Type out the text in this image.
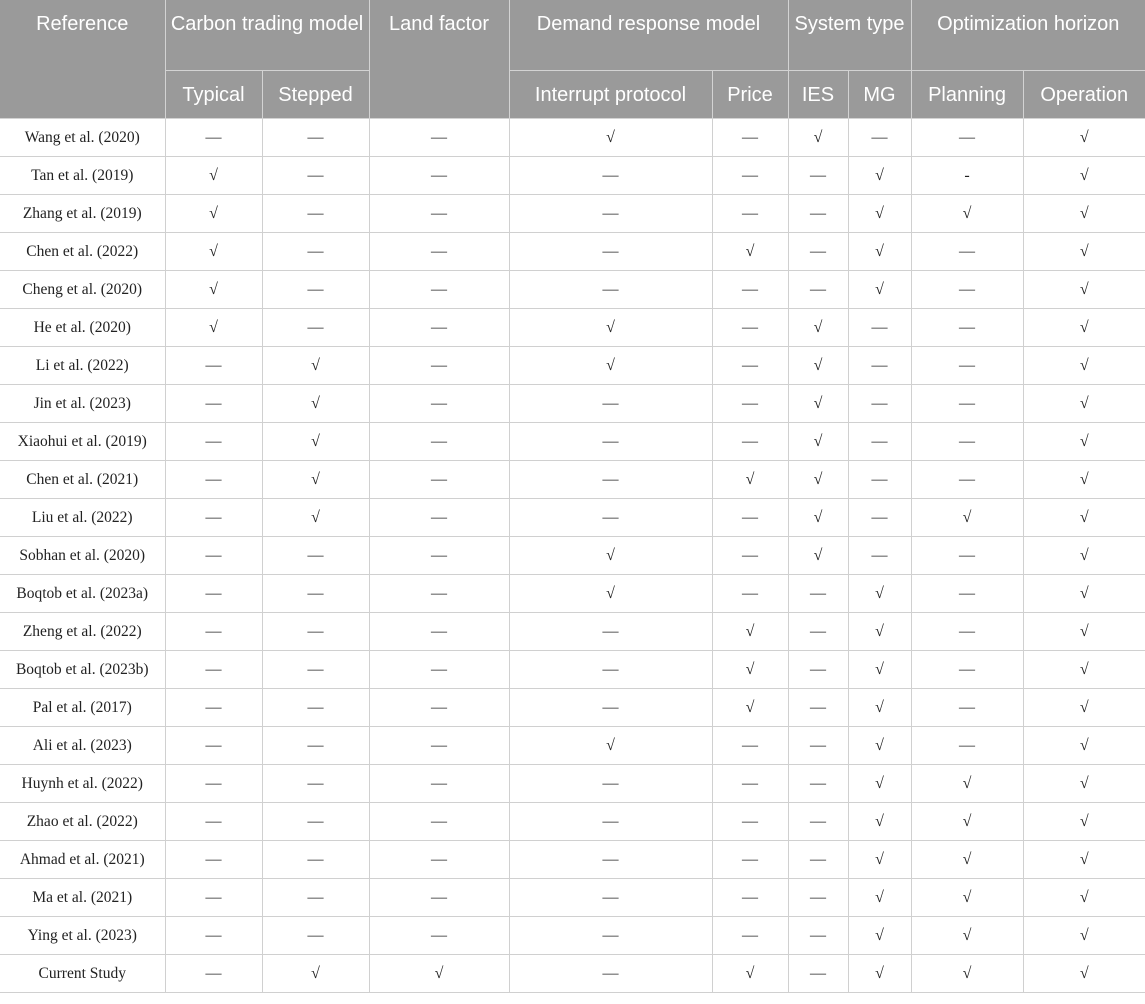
Reference	Carbon trading model		Land factor	Demand response model		System type		Optimization horizon	
	Typical	Stepped		Interrupt protocol	Price	IES	MG	Planning	Operation
Wang et al. (2020)	—	—	—	√	—	√	—	—	√
Tan et al. (2019)	√	—	—	—	—	—	√	-	√
Zhang et al. (2019)	√	—	—	—	—	—	√	√	√
Chen et al. (2022)	√	—	—	—	√	—	√	—	√
Cheng et al. (2020)	√	—	—	—	—	—	√	—	√
He et al. (2020)	√	—	—	√	—	√	—	—	√
Li et al. (2022)	—	√	—	√	—	√	—	—	√
Jin et al. (2023)	—	√	—	—	—	√	—	—	√
Xiaohui et al. (2019)	—	√	—	—	—	√	—	—	√
Chen et al. (2021)	—	√	—	—	√	√	—	—	√
Liu et al. (2022)	—	√	—	—	—	√	—	√	√
Sobhan et al. (2020)	—	—	—	√	—	√	—	—	√
Boqtob et al. (2023a)	—	—	—	√	—	—	√	—	√
Zheng et al. (2022)	—	—	—	—	√	—	√	—	√
Boqtob et al. (2023b)	—	—	—	—	√	—	√	—	√
Pal et al. (2017)	—	—	—	—	√	—	√	—	√
Ali et al. (2023)	—	—	—	√	—	—	√	—	√
Huynh et al. (2022)	—	—	—	—	—	—	√	√	√
Zhao et al. (2022)	—	—	—	—	—	—	√	√	√
Ahmad et al. (2021)	—	—	—	—	—	—	√	√	√
Ma et al. (2021)	—	—	—	—	—	—	√	√	√
Ying et al. (2023)	—	—	—	—	—	—	√	√	√
Current Study	—	√	√	—	√	—	√	√	√
